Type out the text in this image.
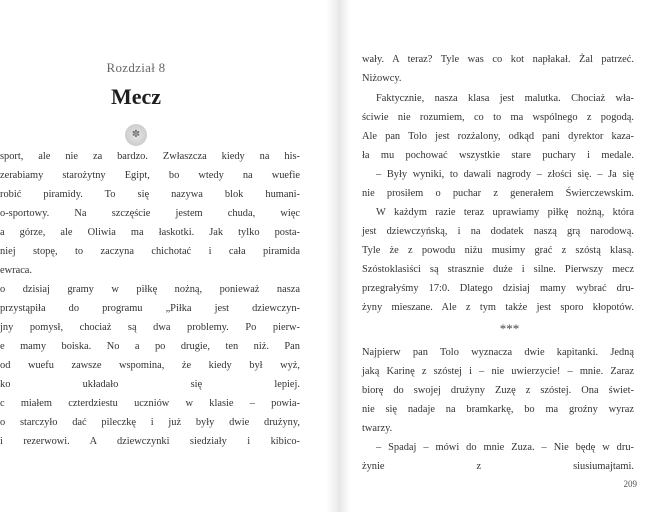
Rozdział 8
Mecz
✽
sport, ale nie za bardzo. Zwłaszcza kiedy na his-
zerabiamy starożytny Egipt, bo wtedy na wuefie
robić piramidy. To się nazywa blok humani-
o-sportowy. Na szczęście jestem chuda, więc
a górze, ale Oliwia ma łaskotki. Jak tylko posta-
niej stopę, to zaczyna chichotać i cała piramida
ewraca.
o dzisiaj gramy w piłkę nożną, ponieważ nasza
przystąpiła do programu „Piłka jest dziewczyn-
jny pomysł, chociaż są dwa problemy. Po pierw-
e mamy boiska. No a po drugie, ten niż. Pan
od wuefu zawsze wspomina, że kiedy był wyż,
ko układało się lepiej.
c miałem czterdziestu uczniów w klasie – powia-
o starczyło dać pileczkę i już były dwie drużyny,
i rezerwowi. A dziewczynki siedziały i kibico-
wały. A teraz? Tyle was co kot napłakał. Żal patrzeć.
Niżowcy.
Faktycznie, nasza klasa jest malutka. Chociaż wła-
ściwie nie rozumiem, co to ma wspólnego z pogodą.
Ale pan Tolo jest rozżalony, odkąd pani dyrektor kaza-
ła mu pochować wszystkie stare puchary i medale.
– Były wyniki, to dawali nagrody – złości się. – Ja się
nie prosiłem o puchar z generałem Świerczewskim.
W każdym razie teraz uprawiamy piłkę nożną, która
jest dziewczyńską, i na dodatek naszą grą narodową.
Tyle że z powodu niżu musimy grać z szóstą klasą.
Szóstoklasiści są strasznie duże i silne. Pierwszy mecz
przegrałyśmy 17:0. Dlatego dzisiaj mamy wybrać dru-
żyny mieszane. Ale z tym także jest sporo kłopotów.
***
Najpierw pan Tolo wyznacza dwie kapitanki. Jedną
jaką Karinę z szóstej i – nie uwierzycie! – mnie. Zaraz
biorę do swojej drużyny Zuzę z szóstej. Ona świet-
nie się nadaje na bramkarkę, bo ma groźny wyraz
twarzy.
– Spadaj – mówi do mnie Zuza. – Nie będę w dru-
żynie z siusiumajtami.
209
